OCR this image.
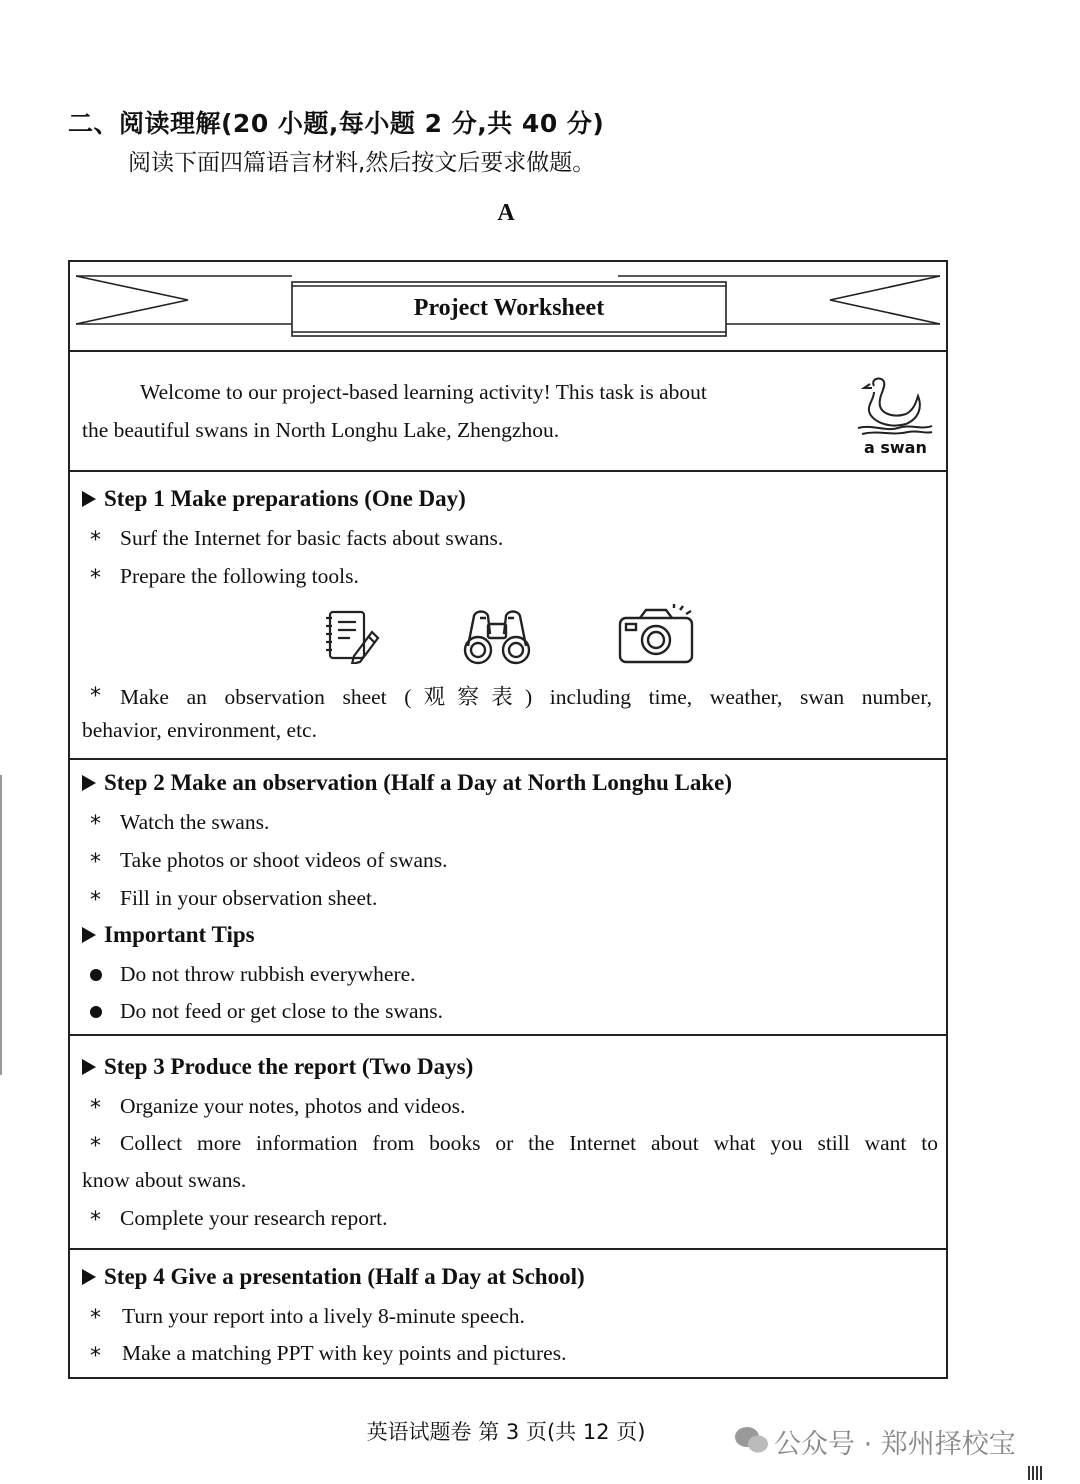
二、阅读理解(20 小题,每小题 2 分,共 40 分)
阅读下面四篇语言材料,然后按文后要求做题。
A
Project Worksheet
Welcome to our project-based learning activity! This task is about
the beautiful swans in North Longhu Lake, Zhengzhou.
a swan
Step 1 Make preparations (One Day)
* Surf the Internet for basic facts about swans.
* Prepare the following tools.
* Make an observation sheet (观察表) including time, weather, swan number,
behavior, environment, etc.
Step 2 Make an observation (Half a Day at North Longhu Lake)
* Watch the swans.
* Take photos or shoot videos of swans.
* Fill in your observation sheet.
Important Tips
Do not throw rubbish everywhere.
Do not feed or get close to the swans.
Step 3 Produce the report (Two Days)
* Organize your notes, photos and videos.
* Collect more information from books or the Internet about what you still want to
know about swans.
* Complete your research report.
Step 4 Give a presentation (Half a Day at School)
* Turn your report into a lively 8-minute speech.
* Make a matching PPT with key points and pictures.
英语试题卷 第 3 页(共 12 页)	公众号 · 郑州择校宝
